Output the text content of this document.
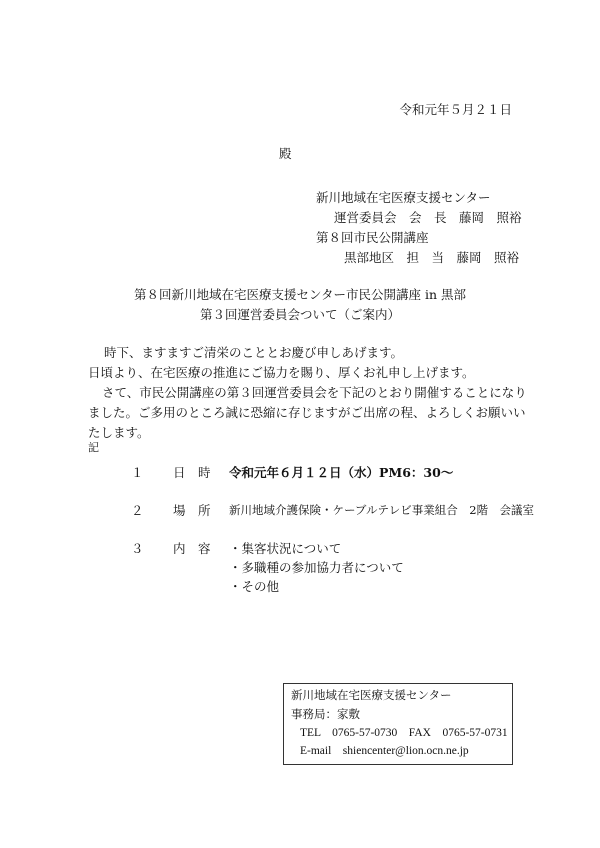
令和元年５月２１日
殿
新川地域在宅医療支援センター
運営委員会　会　長　藤岡　照裕
第８回市民公開講座
黒部地区　担　当　藤岡　照裕
第８回新川地域在宅医療支援センター市民公開講座 in 黒部
第３回運営委員会ついて（ご案内）
時下、ますますご清栄のこととお慶び申しあげます。
日頃より、在宅医療の推進にご協力を賜り、厚くお礼申し上げます。
さて、市民公開講座の第３回運営委員会を下記のとおり開催することになり
ました。ご多用のところ誠に恐縮に存じますがご出席の程、よろしくお願いい
たします。
記
１ 日　時 令和元年６月１２日（水）PM6：30～
２ 場　所 新川地域介護保険・ケーブルテレビ事業組合　2階　会議室
３ 内　容 ・集客状況について
・多職種の参加協力者について
・その他
新川地域在宅医療支援センター
事務局：家敷
TEL　0765-57-0730　FAX　0765-57-0731
E-mail　shiencenter@lion.ocn.ne.jp
